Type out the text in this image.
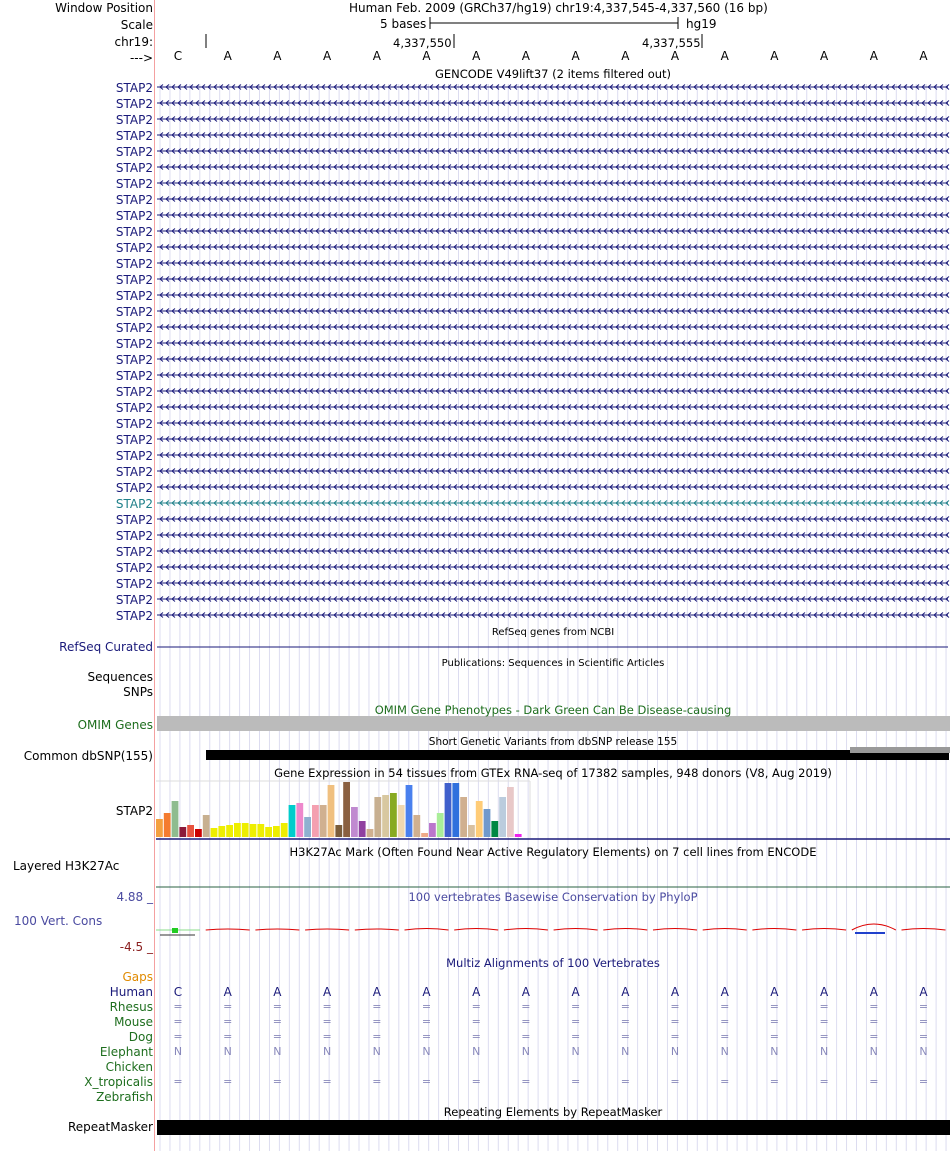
Window Position
Scale
chr19:
--->
Human Feb. 2009 (GRCh37/hg19) chr19:4,337,545-4,337,560 (16 bp)
5 bases	hg19
4,337,550	4,337,555
C	A	A	A	A	A	A	A	A	A	A	A	A	A	A	A
GENCODE V49lift37 (2 items filtered out)
STAP2
STAP2
STAP2
STAP2
STAP2
STAP2
STAP2
STAP2
STAP2
STAP2
STAP2
STAP2
STAP2
STAP2
STAP2
STAP2
STAP2
STAP2
STAP2
STAP2
STAP2
STAP2
STAP2
STAP2
STAP2
STAP2
STAP2
STAP2
STAP2
STAP2
STAP2
STAP2
STAP2
STAP2
RefSeq genes from NCBI
RefSeq Curated
Publications: Sequences in Scientific Articles
Sequences
SNPs
OMIM Gene Phenotypes - Dark Green Can Be Disease-causing
OMIM Genes
Short Genetic Variants from dbSNP release 155
Common dbSNP(155)
Gene Expression in 54 tissues from GTEx RNA-seq of 17382 samples, 948 donors (V8, Aug 2019)
STAP2
H3K27Ac Mark (Often Found Near Active Regulatory Elements) on 7 cell lines from ENCODE
Layered H3K27Ac
100 vertebrates Basewise Conservation by PhyloP
4.88 _
100 Vert. Cons
-4.5 _
Multiz Alignments of 100 Vertebrates
Gaps
Human C	A	A	A	A	A	A	A	A	A	A	A	A	A	A	A
Rhesus =	=	=	=	=	=	=	=	=	=	=	=	=	=	=	=
Mouse =	=	=	=	=	=	=	=	=	=	=	=	=	=	=	=
Dog =	=	=	=	=	=	=	=	=	=	=	=	=	=	=	=
Elephant N	N	N	N	N	N	N	N	N	N	N	N	N	N	N	N
Chicken
X_tropicalis =	=	=	=	=	=	=	=	=	=	=	=	=	=	=	=
Zebrafish
Repeating Elements by RepeatMasker
RepeatMasker
